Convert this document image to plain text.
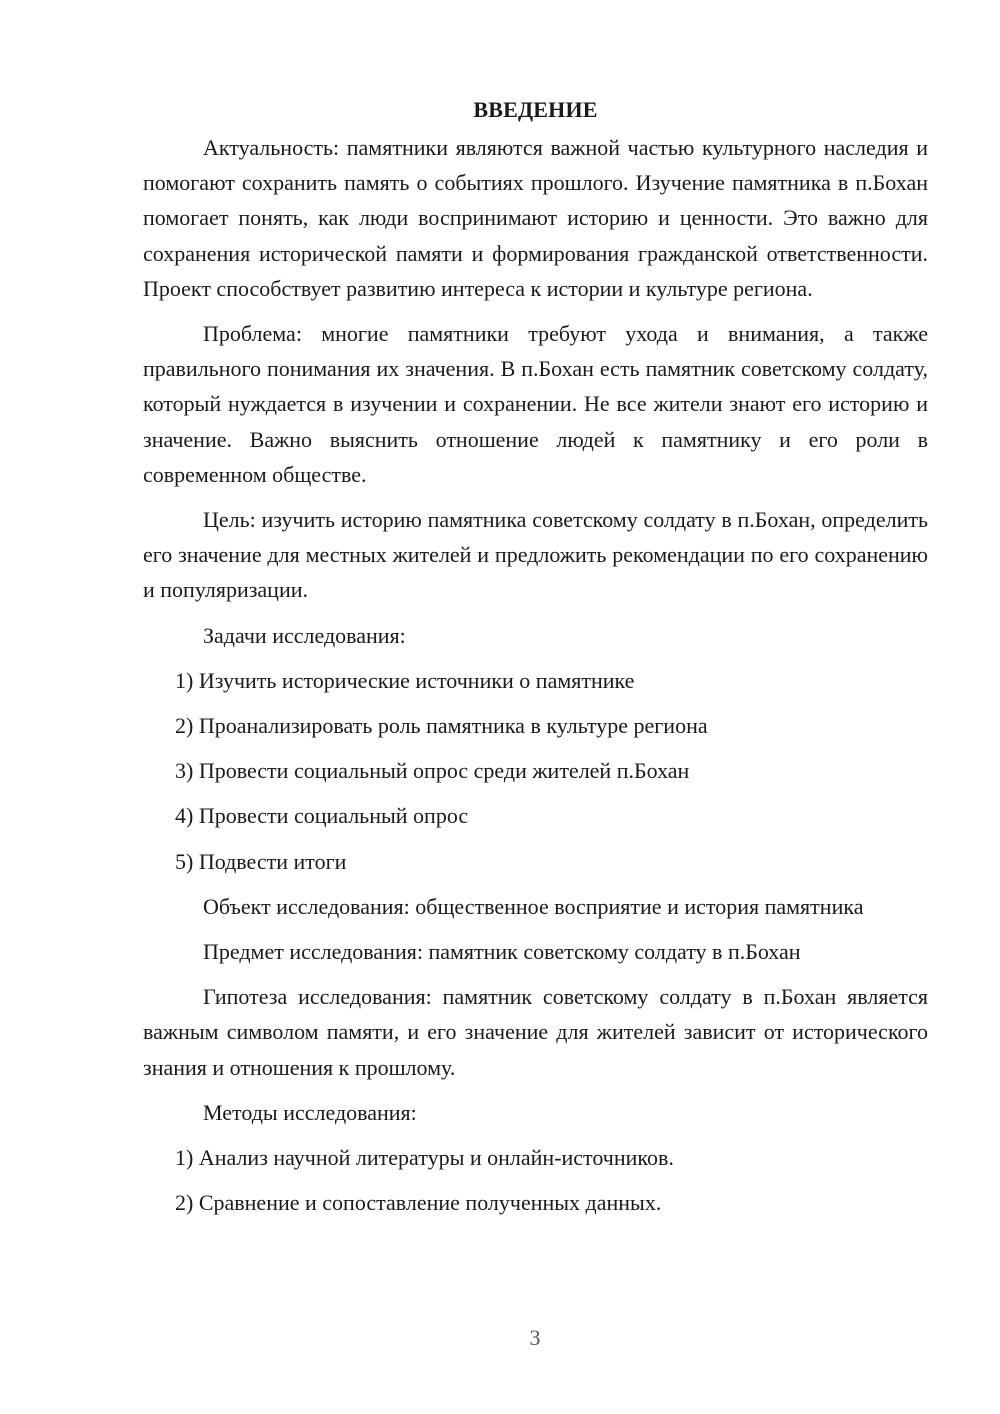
ВВЕДЕНИЕ

Актуальность: памятники являются важной частью культурного наследия и помогают сохранить память о событиях прошлого. Изучение памятника в п.Бохан помогает понять, как люди воспринимают историю и ценности. Это важно для сохранения исторической памяти и формирования гражданской ответственности. Проект способствует развитию интереса к истории и культуре региона.

Проблема: многие памятники требуют ухода и внимания, а также правильного понимания их значения. В п.Бохан есть памятник советскому солдату, который нуждается в изучении и сохранении. Не все жители знают его историю и значение. Важно выяснить отношение людей к памятнику и его роли в современном обществе.

Цель: изучить историю памятника советскому солдату в п.Бохан, определить его значение для местных жителей и предложить рекомендации по его сохранению и популяризации.

Задачи исследования:

1) Изучить исторические источники о памятнике
2) Проанализировать роль памятника в культуре региона
3) Провести социальный опрос среди жителей п.Бохан
4) Провести социальный опрос
5) Подвести итоги

Объект исследования: общественное восприятие и история памятника

Предмет исследования: памятник советскому солдату в п.Бохан

Гипотеза исследования: памятник советскому солдату в п.Бохан является важным символом памяти, и его значение для жителей зависит от исторического знания и отношения к прошлому.

Методы исследования:

1) Анализ научной литературы и онлайн-источников.
2) Сравнение и сопоставление полученных данных.
3
